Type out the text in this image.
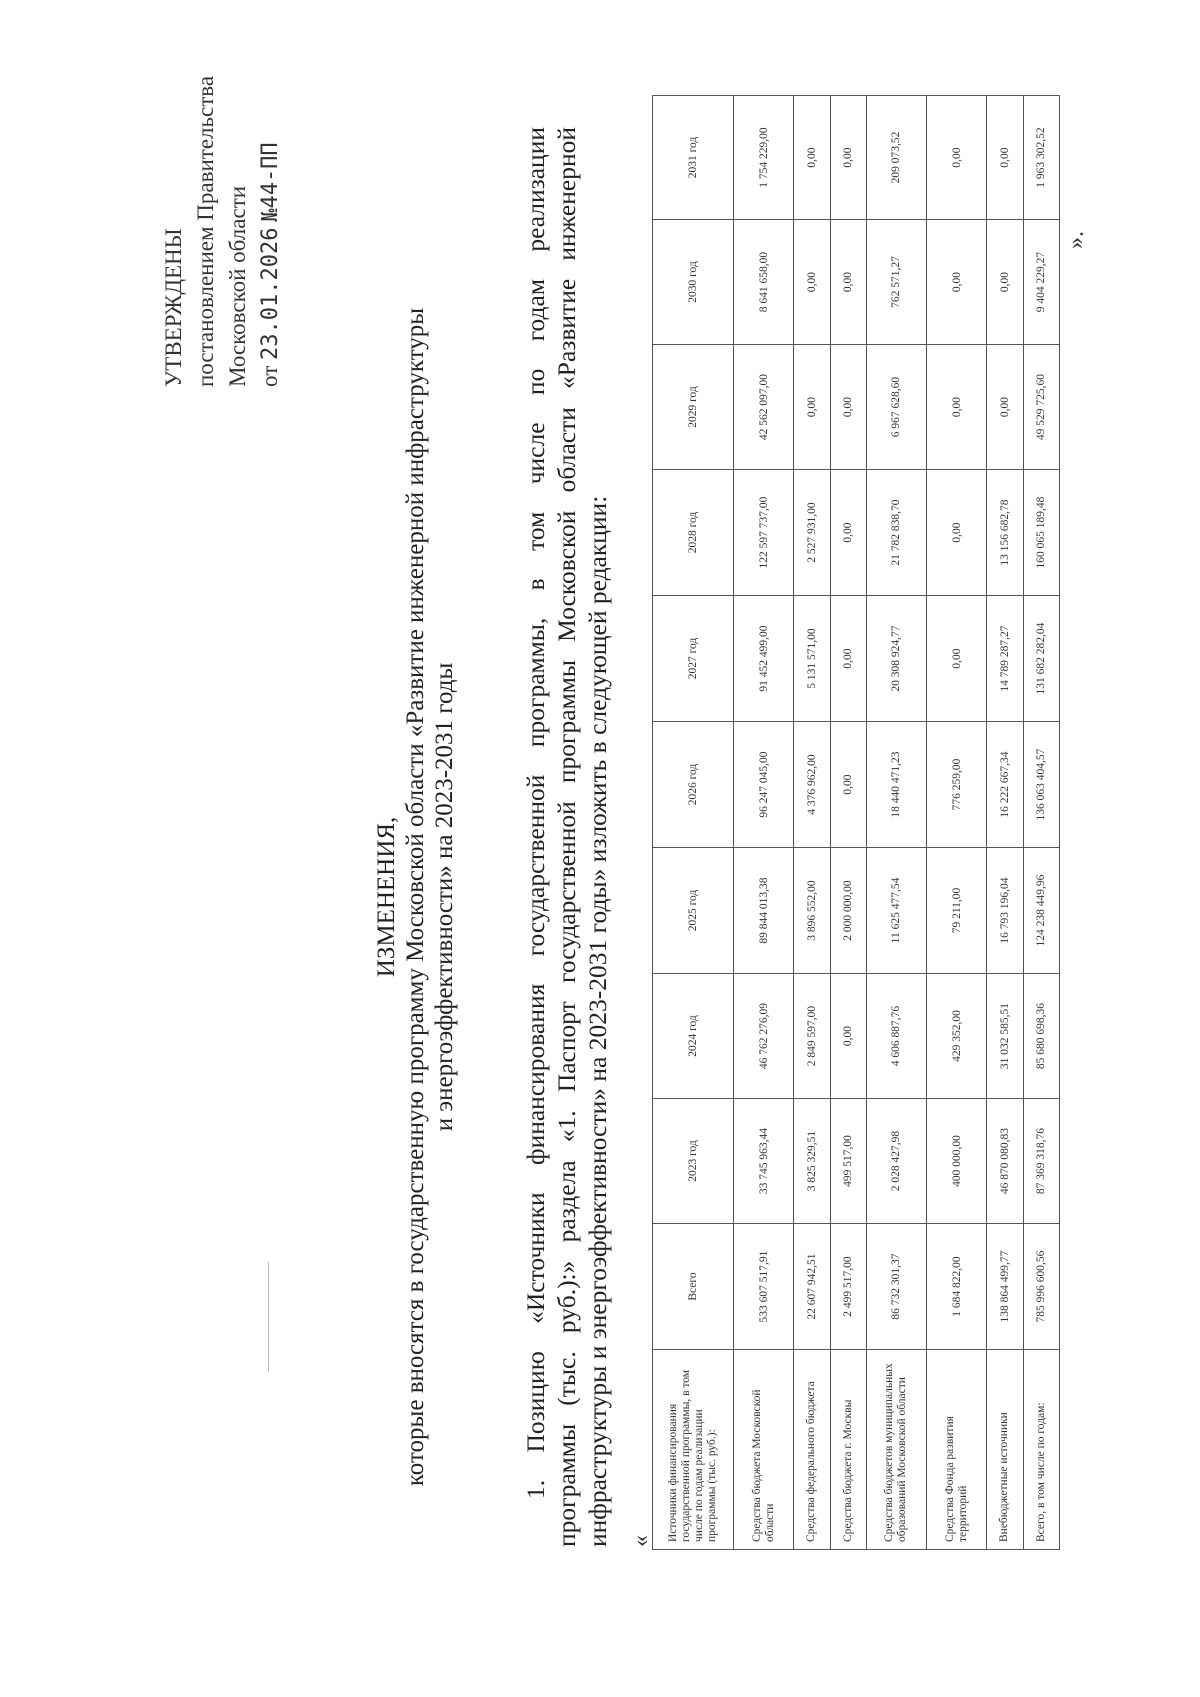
УТВЕРЖДЕНЫ постановлением Правительства Московской области от 23.01.2026 №44-ПП
ИЗМЕНЕНИЯ, которые вносятся в государственную программу Московской области «Развитие инженерной инфраструктуры и энергоэффективности» на 2023-2031 годы 1. Позицию «Источники финансирования государственной программы, в том числе по годам реализации программы (тыс. руб.):» раздела «1. Паспорт государственной программы Московской области «Развитие инженерной инфраструктуры и энергоэффективности» на 2023-2031 годы» изложить в следующей редакции: « Источники финансирования государственной программы, в том числе по годам реализации программы (тыс. руб.):	Всего	2023 год	2024 год	2025 год	2026 год	2027 год	2028 год	2029 год	2030 год	2031 год
Средства бюджета Московской области	533 607 517,91	33 745 963,44	46 762 276,09	89 844 013,38	96 247 045,00	91 452 499,00	122 597 737,00	42 562 097,00	8 641 658,00	1 754 229,00
Средства федерального бюджета	22 607 942,51	3 825 329,51	2 849 597,00	3 896 552,00	4 376 962,00	5 131 571,00	2 527 931,00	0,00	0,00	0,00
Средства бюджета г. Москвы	2 499 517,00	499 517,00	0,00	2 000 000,00	0,00	0,00	0,00	0,00	0,00	0,00
Средства бюджетов муниципальных образований Московской области	86 732 301,37	2 028 427,98	4 606 887,76	11 625 477,54	18 440 471,23	20 308 924,77	21 782 838,70	6 967 628,60	762 571,27	209 073,52
Средства Фонда развития территорий	1 684 822,00	400 000,00	429 352,00	79 211,00	776 259,00	0,00	0,00	0,00	0,00	0,00
Внебюджетные источники	138 864 499,77	46 870 080,83	31 032 585,51	16 793 196,04	16 222 667,34	14 789 287,27	13 156 682,78	0,00	0,00	0,00
Всего, в том числе по годам:	785 996 600,56	87 369 318,76	85 680 698,36	124 238 449,96	136 063 404,57	131 682 282,04	160 065 189,48	49 529 725,60	9 404 229,27	1 963 302,52
».
